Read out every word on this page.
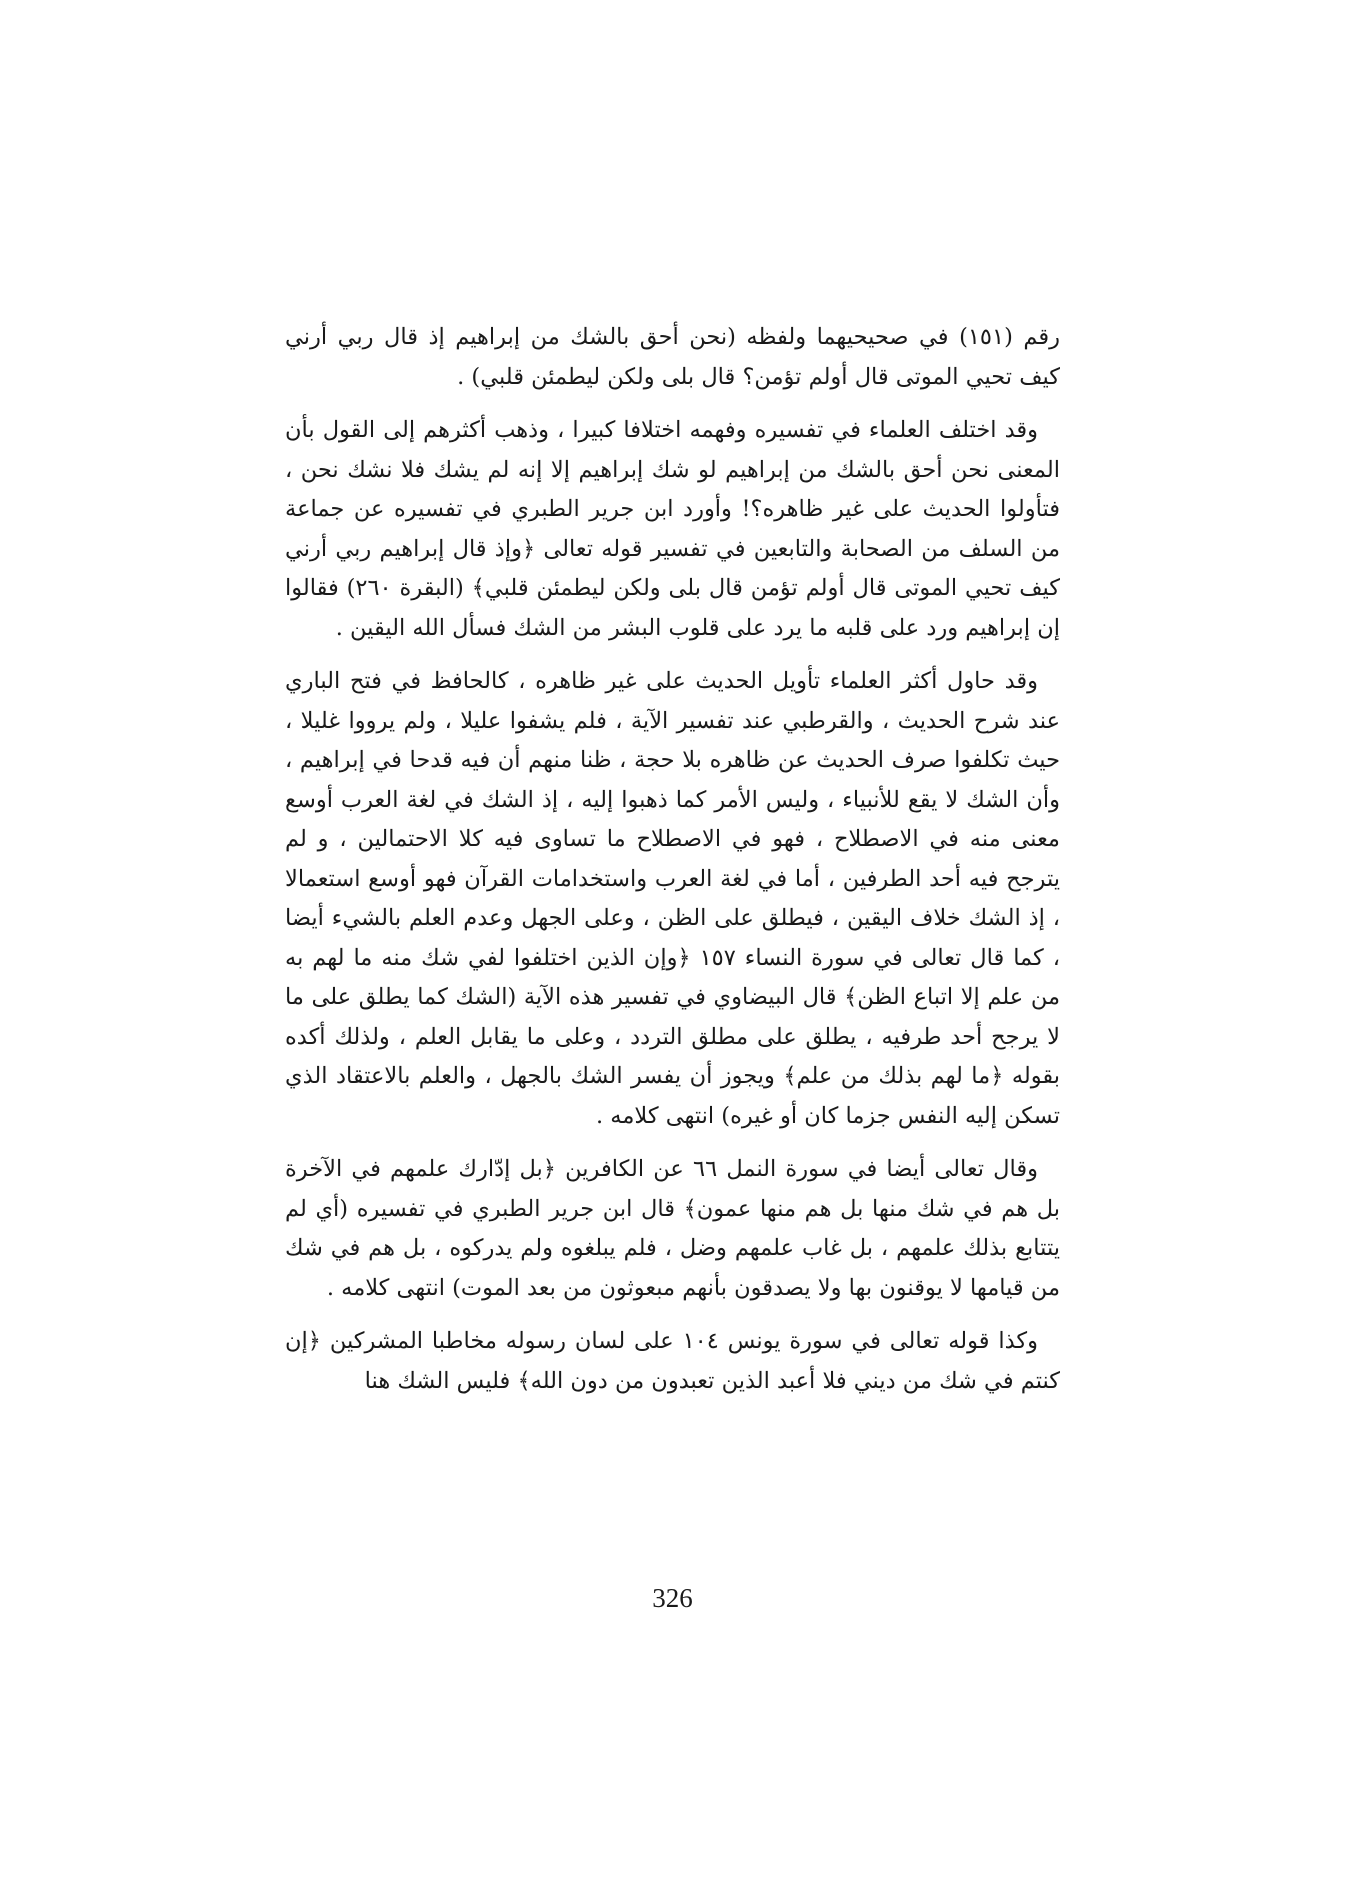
رقم (١٥١) في صحيحيهما ولفظه (نحن أحق بالشك من إبراهيم إذ قال ربي أرني كيف تحيي الموتى قال أولم تؤمن؟ قال بلى ولكن ليطمئن قلبي) .

وقد اختلف العلماء في تفسيره وفهمه اختلافا كبيرا ، وذهب أكثرهم إلى القول بأن المعنى نحن أحق بالشك من إبراهيم لو شك إبراهيم إلا إنه لم يشك فلا نشك نحن ، فتأولوا الحديث على غير ظاهره؟! وأورد ابن جرير الطبري في تفسيره عن جماعة من السلف من الصحابة والتابعين في تفسير قوله تعالى ﴿وإذ قال إبراهيم ربي أرني كيف تحيي الموتى قال أولم تؤمن قال بلى ولكن ليطمئن قلبي﴾ (البقرة ٢٦٠) فقالوا إن إبراهيم ورد على قلبه ما يرد على قلوب البشر من الشك فسأل الله اليقين .

وقد حاول أكثر العلماء تأويل الحديث على غير ظاهره ، كالحافظ في فتح الباري عند شرح الحديث ، والقرطبي عند تفسير الآية ، فلم يشفوا عليلا ، ولم يرووا غليلا ، حيث تكلفوا صرف الحديث عن ظاهره بلا حجة ، ظنا منهم أن فيه قدحا في إبراهيم ، وأن الشك لا يقع للأنبياء ، وليس الأمر كما ذهبوا إليه ، إذ الشك في لغة العرب أوسع معنى منه في الاصطلاح ، فهو في الاصطلاح ما تساوى فيه كلا الاحتمالين ، و لم يترجح فيه أحد الطرفين ، أما في لغة العرب واستخدامات القرآن فهو أوسع استعمالا ، إذ الشك خلاف اليقين ، فيطلق على الظن ، وعلى الجهل وعدم العلم بالشيء أيضا ، كما قال تعالى في سورة النساء ١٥٧ ﴿وإن الذين اختلفوا لفي شك منه ما لهم به من علم إلا اتباع الظن﴾ قال البيضاوي في تفسير هذه الآية (الشك كما يطلق على ما لا يرجح أحد طرفيه ، يطلق على مطلق التردد ، وعلى ما يقابل العلم ، ولذلك أكده بقوله ﴿ما لهم بذلك من علم﴾ ويجوز أن يفسر الشك بالجهل ، والعلم بالاعتقاد الذي تسكن إليه النفس جزما كان أو غيره) انتهى كلامه .

وقال تعالى أيضا في سورة النمل ٦٦ عن الكافرين ﴿بل إدّارك علمهم في الآخرة بل هم في شك منها بل هم منها عمون﴾ قال ابن جرير الطبري في تفسيره (أي لم يتتابع بذلك علمهم ، بل غاب علمهم وضل ، فلم يبلغوه ولم يدركوه ، بل هم في شك من قيامها لا يوقنون بها ولا يصدقون بأنهم مبعوثون من بعد الموت) انتهى كلامه .

وكذا قوله تعالى في سورة يونس ١٠٤ على لسان رسوله مخاطبا المشركين ﴿إن كنتم في شك من ديني فلا أعبد الذين تعبدون من دون الله﴾ فليس الشك هنا

326
